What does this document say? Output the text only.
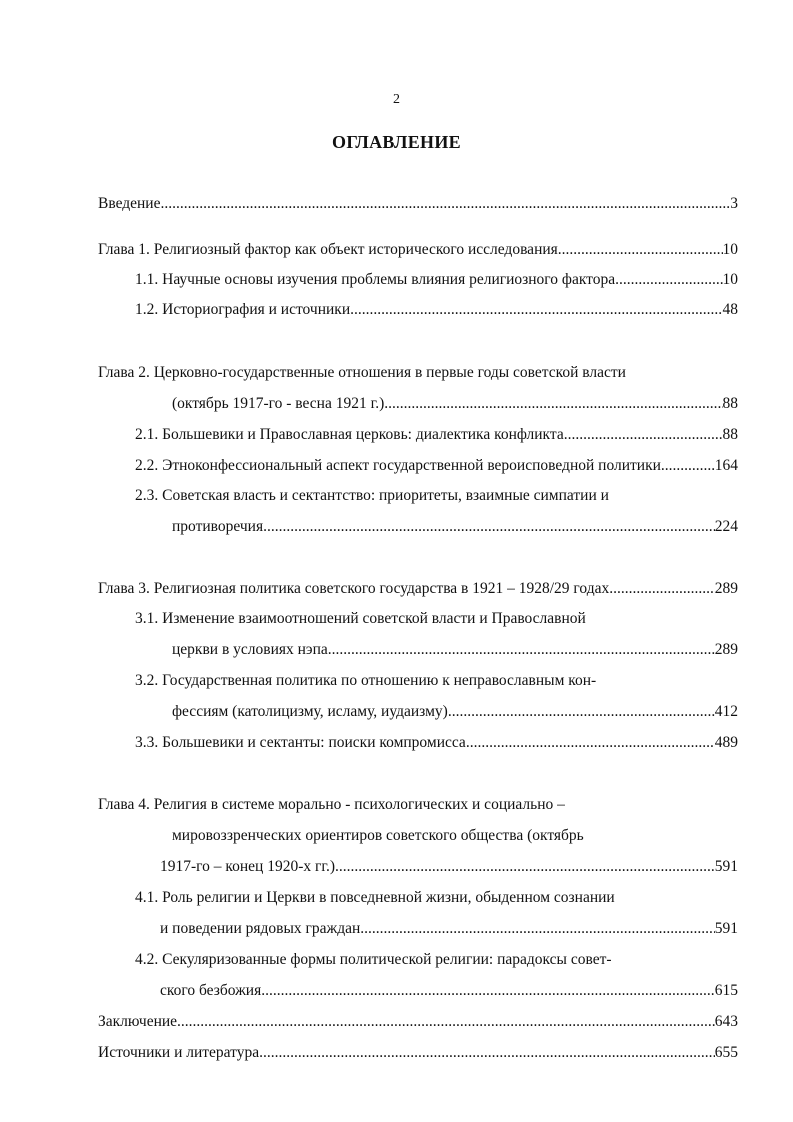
2
ОГЛАВЛЕНИЕ
Введение .....	3
Глава 1. Религиозный фактор как объект исторического исследования .....	10
1.1. Научные основы изучения проблемы влияния религиозного фактора .....	10
1.2. Историография и источники .....	48
Глава 2. Церковно-государственные отношения в первые годы советской власти
(октябрь 1917-го - весна 1921 г.) .....	88
2.1. Большевики и Православная церковь: диалектика конфликта .....	88
2.2. Этноконфессиональный аспект государственной вероисповедной политики .....	164
2.3. Советская власть и сектантство: приоритеты, взаимные симпатии и
противоречия .....	224
Глава 3. Религиозная политика советского государства в 1921 – 1928/29 годах .....	289
3.1. Изменение взаимоотношений советской власти и Православной
церкви в условиях нэпа .....	289
3.2. Государственная политика по отношению к неправославным кон-
фессиям (католицизму, исламу, иудаизму) .....	412
3.3. Большевики и сектанты: поиски компромисса .....	489
Глава 4. Религия в системе морально - психологических и социально –
мировоззренческих ориентиров советского общества (октябрь
1917-го – конец 1920-х гг.) .....	591
4.1. Роль религии и Церкви в повседневной жизни, обыденном сознании
и поведении рядовых граждан .....	591
4.2. Секуляризованные формы политической религии: парадоксы совет-
ского безбожия .....	615
Заключение .....	643
Источники и литература .....	655
